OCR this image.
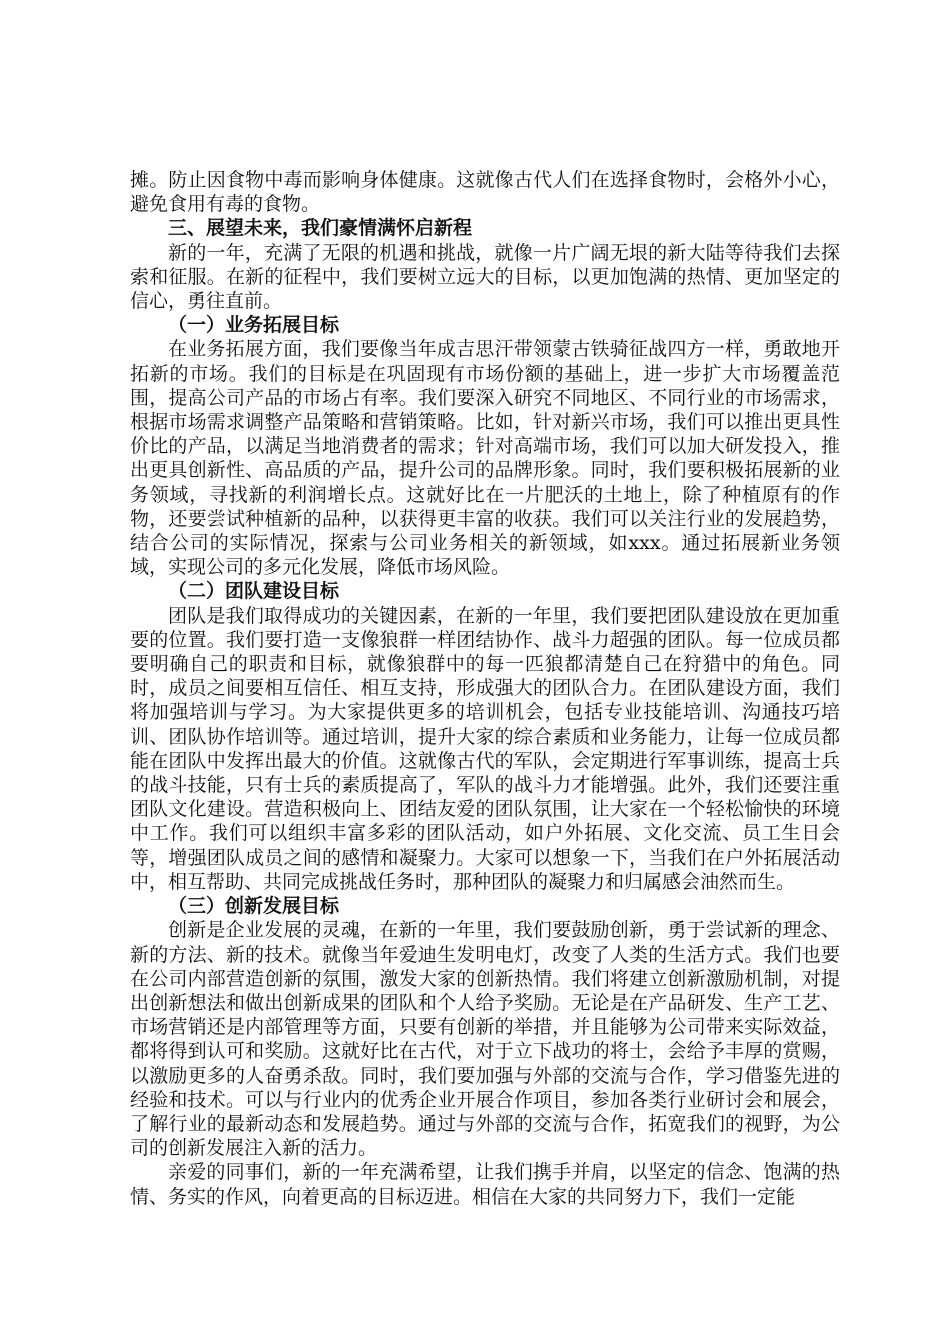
摊。防止因食物中毒而影响身体健康。这就像古代人们在选择食物时，会格外小心，避免食用有毒的食物。

三、展望未来，我们豪情满怀启新程

新的一年，充满了无限的机遇和挑战，就像一片广阔无垠的新大陆等待我们去探索和征服。在新的征程中，我们要树立远大的目标，以更加饱满的热情、更加坚定的信心，勇往直前。

（一）业务拓展目标

在业务拓展方面，我们要像当年成吉思汗带领蒙古铁骑征战四方一样，勇敢地开拓新的市场。我们的目标是在巩固现有市场份额的基础上，进一步扩大市场覆盖范围，提高公司产品的市场占有率。我们要深入研究不同地区、不同行业的市场需求，根据市场需求调整产品策略和营销策略。比如，针对新兴市场，我们可以推出更具性价比的产品，以满足当地消费者的需求；针对高端市场，我们可以加大研发投入，推出更具创新性、高品质的产品，提升公司的品牌形象。同时，我们要积极拓展新的业务领域，寻找新的利润增长点。这就好比在一片肥沃的土地上，除了种植原有的作物，还要尝试种植新的品种，以获得更丰富的收获。我们可以关注行业的发展趋势，结合公司的实际情况，探索与公司业务相关的新领域，如xxx。通过拓展新业务领域，实现公司的多元化发展，降低市场风险。

（二）团队建设目标

团队是我们取得成功的关键因素，在新的一年里，我们要把团队建设放在更加重要的位置。我们要打造一支像狼群一样团结协作、战斗力超强的团队。每一位成员都要明确自己的职责和目标，就像狼群中的每一匹狼都清楚自己在狩猎中的角色。同时，成员之间要相互信任、相互支持，形成强大的团队合力。在团队建设方面，我们将加强培训与学习。为大家提供更多的培训机会，包括专业技能培训、沟通技巧培训、团队协作培训等。通过培训，提升大家的综合素质和业务能力，让每一位成员都能在团队中发挥出最大的价值。这就像古代的军队，会定期进行军事训练，提高士兵的战斗技能，只有士兵的素质提高了，军队的战斗力才能增强。此外，我们还要注重团队文化建设。营造积极向上、团结友爱的团队氛围，让大家在一个轻松愉快的环境中工作。我们可以组织丰富多彩的团队活动，如户外拓展、文化交流、员工生日会等，增强团队成员之间的感情和凝聚力。大家可以想象一下，当我们在户外拓展活动中，相互帮助、共同完成挑战任务时，那种团队的凝聚力和归属感会油然而生。

（三）创新发展目标

创新是企业发展的灵魂，在新的一年里，我们要鼓励创新，勇于尝试新的理念、新的方法、新的技术。就像当年爱迪生发明电灯，改变了人类的生活方式。我们也要在公司内部营造创新的氛围，激发大家的创新热情。我们将建立创新激励机制，对提出创新想法和做出创新成果的团队和个人给予奖励。无论是在产品研发、生产工艺、市场营销还是内部管理等方面，只要有创新的举措，并且能够为公司带来实际效益，都将得到认可和奖励。这就好比在古代，对于立下战功的将士，会给予丰厚的赏赐，以激励更多的人奋勇杀敌。同时，我们要加强与外部的交流与合作，学习借鉴先进的经验和技术。可以与行业内的优秀企业开展合作项目，参加各类行业研讨会和展会，了解行业的最新动态和发展趋势。通过与外部的交流与合作，拓宽我们的视野，为公司的创新发展注入新的活力。

亲爱的同事们，新的一年充满希望，让我们携手并肩，以坚定的信念、饱满的热情、务实的作风，向着更高的目标迈进。相信在大家的共同努力下，我们一定能
